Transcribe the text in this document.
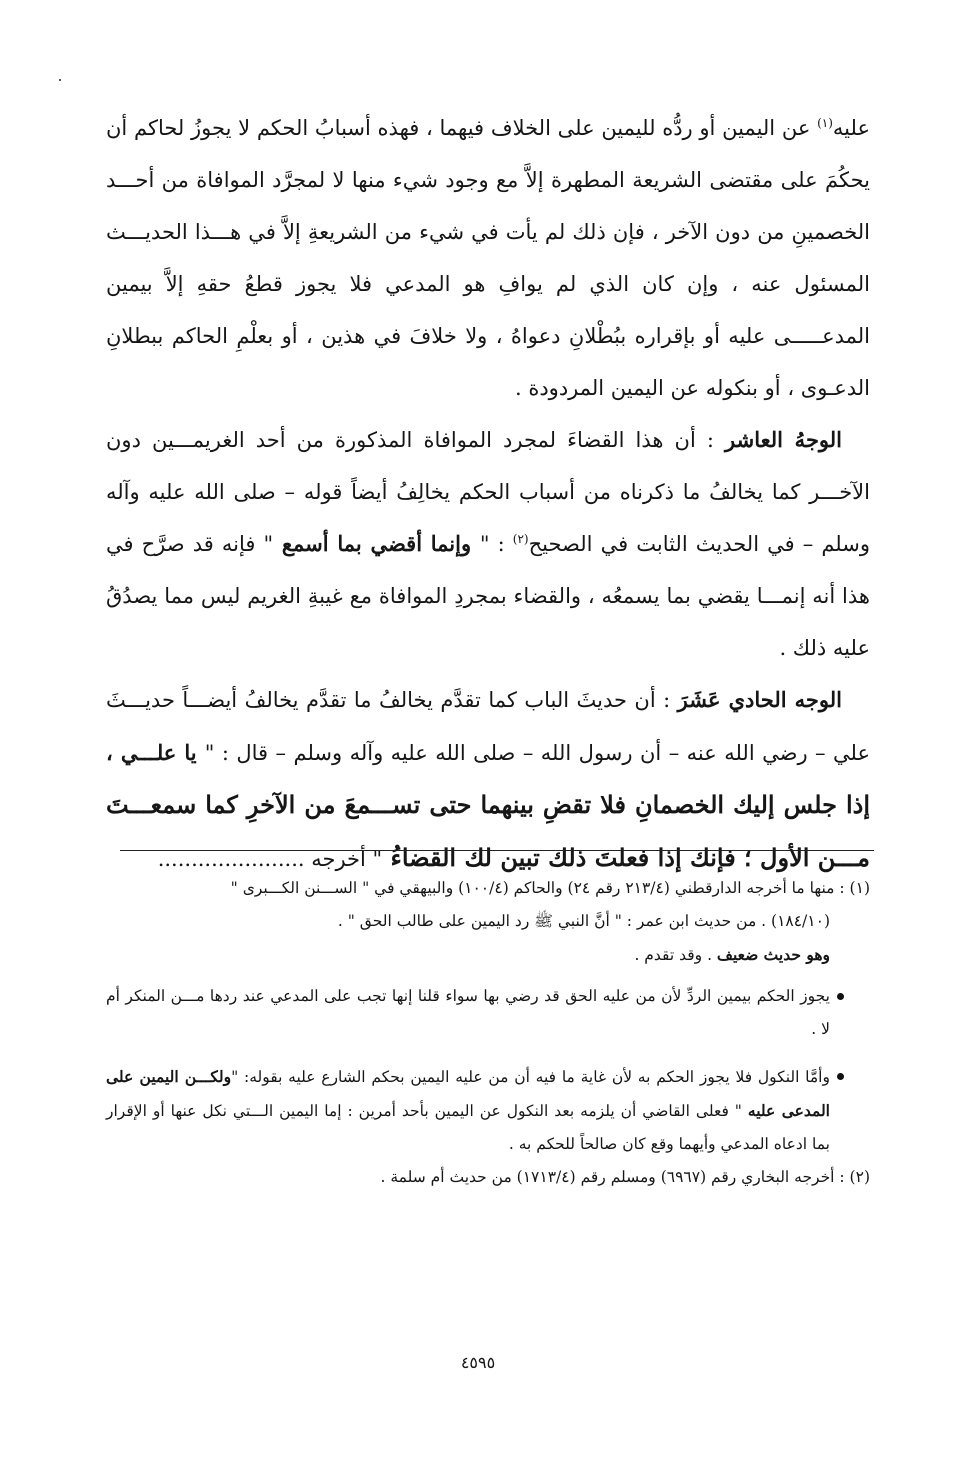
عليه$^{(١)}$ عن اليمين أو ردُّه لليمين على الخلاف فيهما ، فهذه أسبابُ الحكم لا يجوزُ لحاكم أن يحكُمَ على مقتضى الشريعة المطهرة إلاَّ مع وجود شيء منها لا لمجرَّد الموافاة من أحـــد الخصمينِ من دون الآخر ، فإن ذلك لم يأت في شيء من الشريعةِ إلاَّ في هـــذا الحديـــث المسئول عنه ، وإن كان الذي لم يوافِ هو المدعي فلا يجوز قطعُ حقهِ إلاَّ بيمين المدعـــــى عليه أو بإقراره ببُطْلانِ دعواهُ ، ولا خلافَ في هذين ، أو بعلْمِ الحاكم ببطلانِ الدعـوى ، أو بنكوله عن اليمين المردودة .

الوجهُ العاشر : أن هذا القضاءَ لمجرد الموافاة المذكورة من أحد الغريمـــين دون الآخـــر كما يخالفُ ما ذكرناه من أسباب الحكم يخالِفُ أيضاً قوله – صلى الله عليه وآله وسلم – في الحديث الثابت في الصحيح$^{(٢)}$ : " وإنما أقضي بما أسمع " فإنه قد صرَّح في هذا أنه إنمـــا يقضي بما يسمعُه ، والقضاء بمجردِ الموافاة مع غيبةِ الغريم ليس مما يصدُقُ عليه ذلك .

الوجه الحادي عَشَرَ : أن حديثَ الباب كما تقدَّم يخالفُ ما تقدَّم يخالفُ أيضـــاً حديـــثَ علي – رضي الله عنه – أن رسول الله – صلى الله عليه وآله وسلم – قال : " يا علـــي ، إذا جلس إليك الخصمانِ فلا تقضِ بينهما حتى تســـمعَ من الآخرِ كما سمعـــتَ مـــن الأول ؛ فإنك إذا فعلتَ ذلك تبين لك القضاءُ " أخرجه ......................

(١) : منها ما أخرجه الدارقطني (٢١٣/٤ رقم ٢٤) والحاكم (١٠٠/٤) والبيهقي في " الســـنن الكـــبرى "

(١٨٤/١٠) . من حديث ابن عمر : " أنَّ النبي ﷺ رد اليمين على طالب الحق " .

وهو حديث ضعيف . وقد تقدم .

يجوز الحكم بيمين الردِّ لأن من عليه الحق قد رضي بها سواء قلنا إنها تجب على المدعي عند ردها مـــن المنكر أم لا .

وأمَّا النكول فلا يجوز الحكم به لأن غاية ما فيه أن من عليه اليمين بحكم الشارع عليه بقوله: "ولكـــن اليمين على المدعى عليه " فعلى القاضي أن يلزمه بعد النكول عن اليمين بأحد أمرين : إما اليمين الـــتي نكل عنها أو الإقرار بما ادعاه المدعي وأيهما وقع كان صالحاً للحكم به .

(٢) : أخرجه البخاري رقم (٦٩٦٧) ومسلم رقم (١٧١٣/٤) من حديث أم سلمة .

٤٥٩٥
